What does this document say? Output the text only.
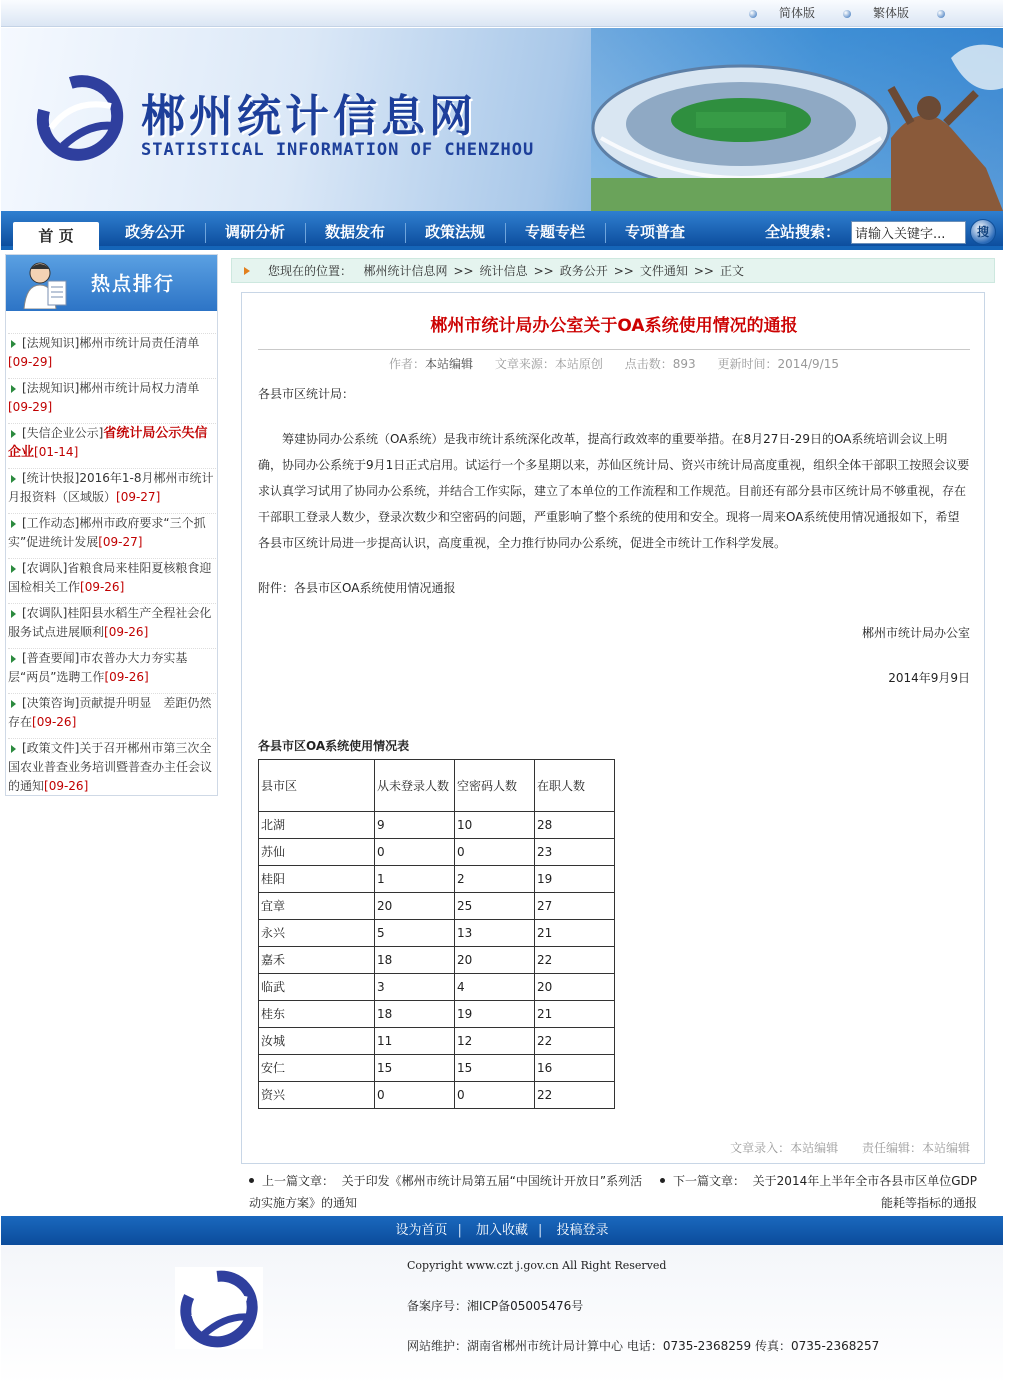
简体版	繁体版
郴州统计信息网
STATISTICAL INFORMATION OF CHENZHOU
首 页	政务公开	调研分析	数据发布	政策法规	专题专栏	专项普查	全站搜索：
请输入关键字...	搜
热点排行
[法规知识]郴州市统计局责任清单[09-29]
[法规知识]郴州市统计局权力清单[09-29]
[失信企业公示]省统计局公示失信企业[01-14]
[统计快报]2016年1-8月郴州市统计月报资料（区域版）[09-27]
[工作动态]郴州市政府要求“三个抓实”促进统计发展[09-27]
[农调队]省粮食局来桂阳夏核粮食迎国检相关工作[09-26]
[农调队]桂阳县水稻生产全程社会化服务试点进展顺利[09-26]
[普查要闻]市农普办大力夯实基层“两员”选聘工作[09-26]
[决策咨询]贡献提升明显　差距仍然存在[09-26]
[政策文件]关于召开郴州市第三次全国农业普查业务培训暨普查办主任会议的通知[09-26]
您现在的位置： 郴州统计信息网 >> 统计信息 >> 政务公开 >> 文件通知 >> 正文
郴州市统计局办公室关于OA系统使用情况的通报
作者：本站编辑 文章来源：本站原创 点击数：893 更新时间：2014/9/15

各县市区统计局：

筹建协同办公系统（OA系统）是我市统计系统深化改革，提高行政效率的重要举措。在8月27日-29日的OA系统培训会议上明确，协同办公系统于9月1日正式启用。试运行一个多星期以来，苏仙区统计局、资兴市统计局高度重视，组织全体干部职工按照会议要求认真学习试用了协同办公系统，并结合工作实际，建立了本单位的工作流程和工作规范。目前还有部分县市区统计局不够重视，存在干部职工登录人数少，登录次数少和空密码的问题，严重影响了整个系统的使用和安全。现将一周来OA系统使用情况通报如下，希望各县市区统计局进一步提高认识，高度重视，全力推行协同办公系统，促进全市统计工作科学发展。

附件：各县市区OA系统使用情况通报

郴州市统计局办公室

2014年9月9日

各县市区OA系统使用情况表
县市区	从未登录人数	空密码人数	在职人数
北湖	9	10	28
苏仙	0	0	23
桂阳	1	2	19
宜章	20	25	27
永兴	5	13	21
嘉禾	18	20	22
临武	3	4	20
桂东	18	19	21
汝城	11	12	22
安仁	15	15	16
资兴	0	0	22
文章录入：本站编辑 责任编辑：本站编辑
上一篇文章： 关于印发《郴州市统计局第五届“中国统计开放日”系列活动实施方案》的通知
下一篇文章： 关于2014年上半年全市各县市区单位GDP能耗等指标的通报
设为首页 | 加入收藏 | 投稿登录
Copyright www.czt j.gov.cn All Right Reserved
备案序号：湘ICP备05005476号
网站维护：湖南省郴州市统计局计算中心 电话：0735-2368259 传真：0735-2368257
